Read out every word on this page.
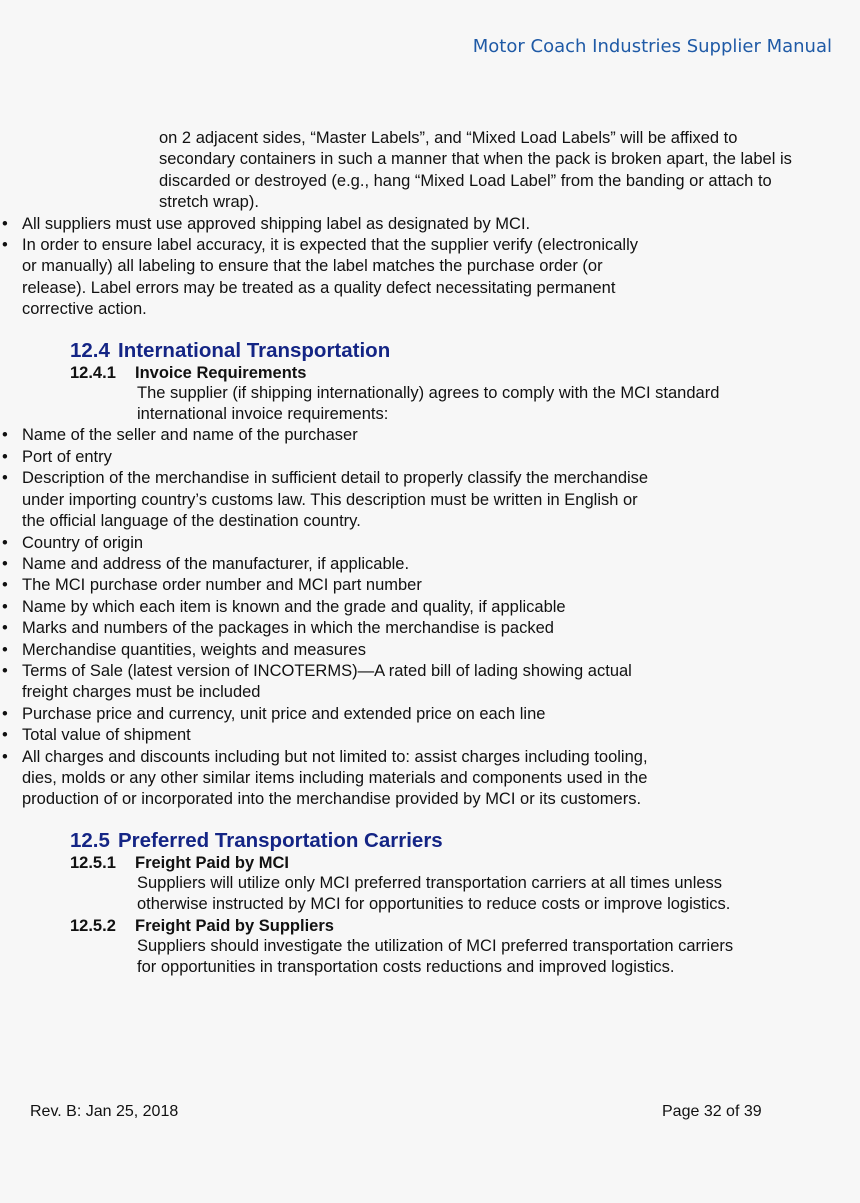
Motor Coach Industries Supplier Manual
on 2 adjacent sides, “Master Labels”, and “Mixed Load Labels” will be affixed to secondary containers in such a manner that when the pack is broken apart, the label is discarded or destroyed (e.g., hang “Mixed Load Label” from the banding or attach to stretch wrap).
• All suppliers must use approved shipping label as designated by MCI.
• In order to ensure label accuracy, it is expected that the supplier verify (electronically or manually) all labeling to ensure that the label matches the purchase order (or release). Label errors may be treated as a quality defect necessitating permanent corrective action.
12.4 International Transportation
12.4.1 Invoice Requirements
The supplier (if shipping internationally) agrees to comply with the MCI standard international invoice requirements:
• Name of the seller and name of the purchaser
• Port of entry
• Description of the merchandise in sufficient detail to properly classify the merchandise under importing country’s customs law. This description must be written in English or the official language of the destination country.
• Country of origin
• Name and address of the manufacturer, if applicable.
• The MCI purchase order number and MCI part number
• Name by which each item is known and the grade and quality, if applicable
• Marks and numbers of the packages in which the merchandise is packed
• Merchandise quantities, weights and measures
• Terms of Sale (latest version of INCOTERMS)—A rated bill of lading showing actual freight charges must be included
• Purchase price and currency, unit price and extended price on each line
• Total value of shipment
• All charges and discounts including but not limited to: assist charges including tooling, dies, molds or any other similar items including materials and components used in the production of or incorporated into the merchandise provided by MCI or its customers.
12.5 Preferred Transportation Carriers
12.5.1 Freight Paid by MCI
Suppliers will utilize only MCI preferred transportation carriers at all times unless otherwise instructed by MCI for opportunities to reduce costs or improve logistics.
12.5.2 Freight Paid by Suppliers
Suppliers should investigate the utilization of MCI preferred transportation carriers for opportunities in transportation costs reductions and improved logistics.
Rev. B: Jan 25, 2018	Page 32 of 39
